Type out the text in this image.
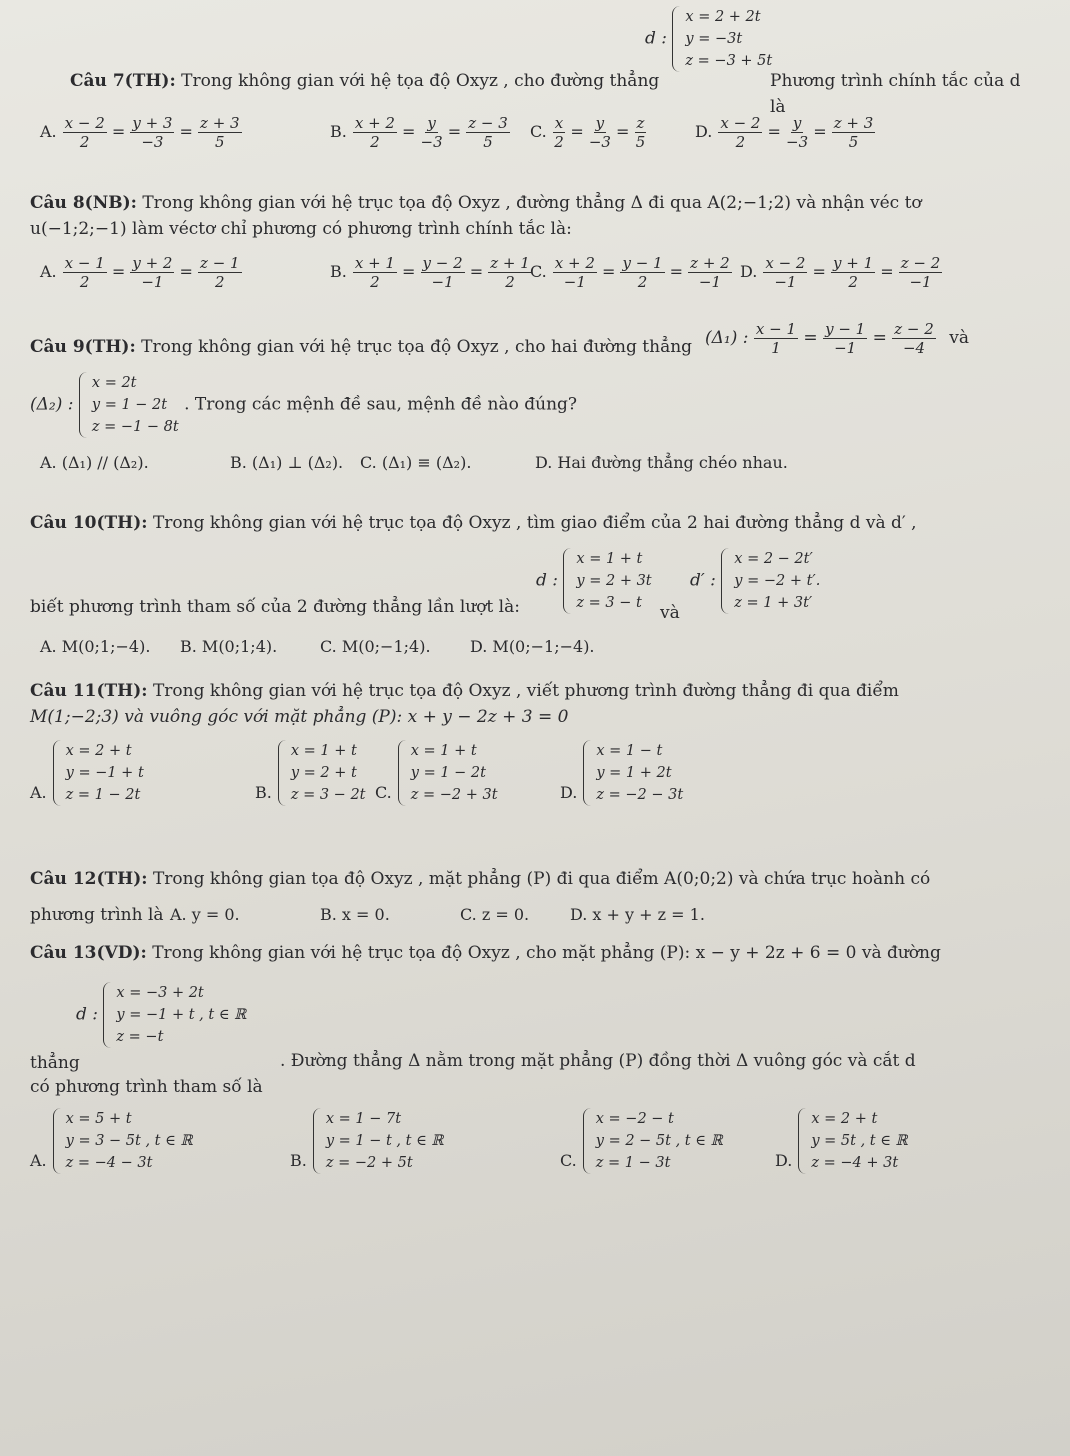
d :
x = 2 + 2t
y = −3t
z = −3 + 5t
Câu 7(TH): Trong không gian với hệ tọa độ Oxyz , cho đường thẳng	Phương trình chính tắc của d là
A. $\frac{x - 2}{2} = \frac{y + 3}{-3} = \frac{z + 3}{5}$	B. $\frac{x + 2}{2} = \frac{y}{-3} = \frac{z - 3}{5} C$. $\frac{x}{2} = \frac{y}{-3} = \frac{z}{5}$	D. $\frac{x - 2}{2} = \frac{y}{-3} = \frac{z + 3}{5}$
Câu 8(NB): Trong không gian với hệ trục tọa độ Oxyz , đường thẳng Δ đi qua A(2;−1;2) và nhận véc tơ
u(−1;2;−1) làm véctơ chỉ phương có phương trình chính tắc là:
A. $\frac{x - 1}{2} = \frac{y + 2}{-1} = \frac{z - 1}{2}$	B. $\frac{x + 1}{2} = \frac{y - 2}{-1} = \frac{z + 1}{2}$
C. $\frac{x + 2}{-1} = \frac{y - 1}{2} = \frac{z + 2}{-1} D$. $\frac{x - 2}{-1} = \frac{y + 1}{2} = \frac{z - 2}{-1}$
Câu 9(TH): Trong không gian với hệ trục tọa độ Oxyz , cho hai đường thẳng (Δ₁) : $\frac{x - 1}{1} = \frac{y - 1}{-1} = \frac{z - 2}{-4}$ và
(Δ₂) :
x = 2t
y = 1 − 2t
z = −1 − 8t
. Trong các mệnh đề sau, mệnh đề nào đúng?
A. (Δ₁) // (Δ₂).	B. (Δ₁) ⊥ (Δ₂). C. (Δ₁) ≡ (Δ₂).	D. Hai đường thẳng chéo nhau.
Câu 10(TH): Trong không gian với hệ trục tọa độ Oxyz , tìm giao điểm của 2 hai đường thẳng d và d′ ,
biết phương trình tham số của 2 đường thẳng lần lượt là:
d :
x = 1 + t
y = 2 + 3t
z = 3 − t	và
d′ :
x = 2 − 2t′
y = −2 + t′.
z = 1 + 3t′
A. M(0;1;−4). B. M(0;1;4).	C. M(0;−1;4). D. M(0;−1;−4).
Câu 11(TH): Trong không gian với hệ trục tọa độ Oxyz , viết phương trình đường thẳng đi qua điểm
M(1;−2;3) và vuông góc với mặt phẳng (P): x + y − 2z + 3 = 0
A.
x = 2 + t
y = −1 + t
z = 1 − 2t	B.
x = 1 + t
y = 2 + t
z = 3 − 2t C.
x = 1 + t
y = 1 − 2t
z = −2 + 3t	D.
x = 1 − t
y = 1 + 2t
z = −2 − 3t
Câu 12(TH): Trong không gian tọa độ Oxyz , mặt phẳng (P) đi qua điểm A(0;0;2) và chứa trục hoành có
phương trình là A. y = 0.	B. x = 0.	C. z = 0.	D. x + y + z = 1.
Câu 13(VD): Trong không gian với hệ trục tọa độ Oxyz , cho mặt phẳng (P): x − y + 2z + 6 = 0 và đường
thẳng
d :
x = −3 + 2t
y = −1 + t , t ∈ ℝ
z = −t
. Đường thẳng Δ nằm trong mặt phẳng (P) đồng thời Δ vuông góc và cắt d
có phương trình tham số là
A.
x = 5 + t
y = 3 − 5t , t ∈ ℝ
z = −4 − 3t	B.
x = 1 − 7t
y = 1 − t , t ∈ ℝ
z = −2 + 5t	C.
x = −2 − t
y = 2 − 5t , t ∈ ℝ
z = 1 − 3t	D.
x = 2 + t
y = 5t , t ∈ ℝ
z = −4 + 3t
